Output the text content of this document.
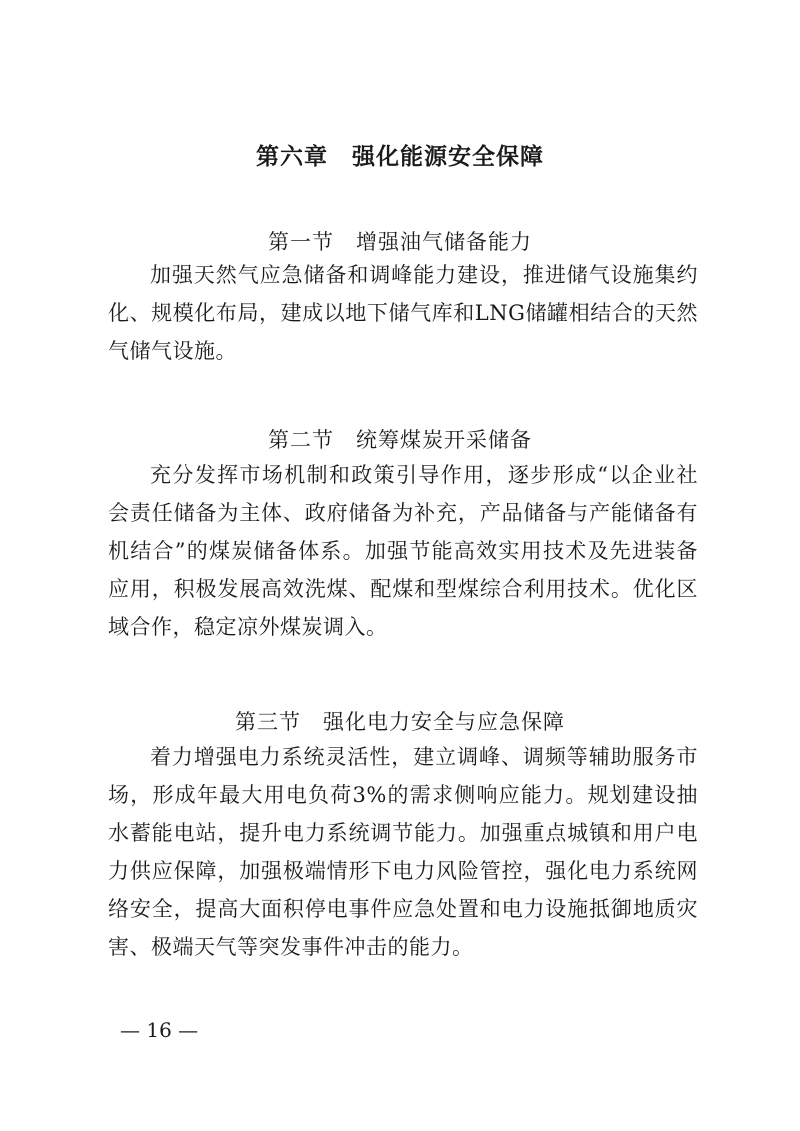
第六章　强化能源安全保障
第一节　增强油气储备能力
加强天然气应急储备和调峰能力建设，推进储气设施集约化、规模化布局，建成以地下储气库和LNG储罐相结合的天然气储气设施。
第二节　统筹煤炭开采储备
充分发挥市场机制和政策引导作用，逐步形成“以企业社会责任储备为主体、政府储备为补充，产品储备与产能储备有机结合”的煤炭储备体系。加强节能高效实用技术及先进装备应用，积极发展高效洗煤、配煤和型煤综合利用技术。优化区域合作，稳定凉外煤炭调入。
第三节　强化电力安全与应急保障
着力增强电力系统灵活性，建立调峰、调频等辅助服务市场，形成年最大用电负荷3%的需求侧响应能力。规划建设抽水蓄能电站，提升电力系统调节能力。加强重点城镇和用户电力供应保障，加强极端情形下电力风险管控，强化电力系统网络安全，提高大面积停电事件应急处置和电力设施抵御地质灾害、极端天气等突发事件冲击的能力。
— 16 —
